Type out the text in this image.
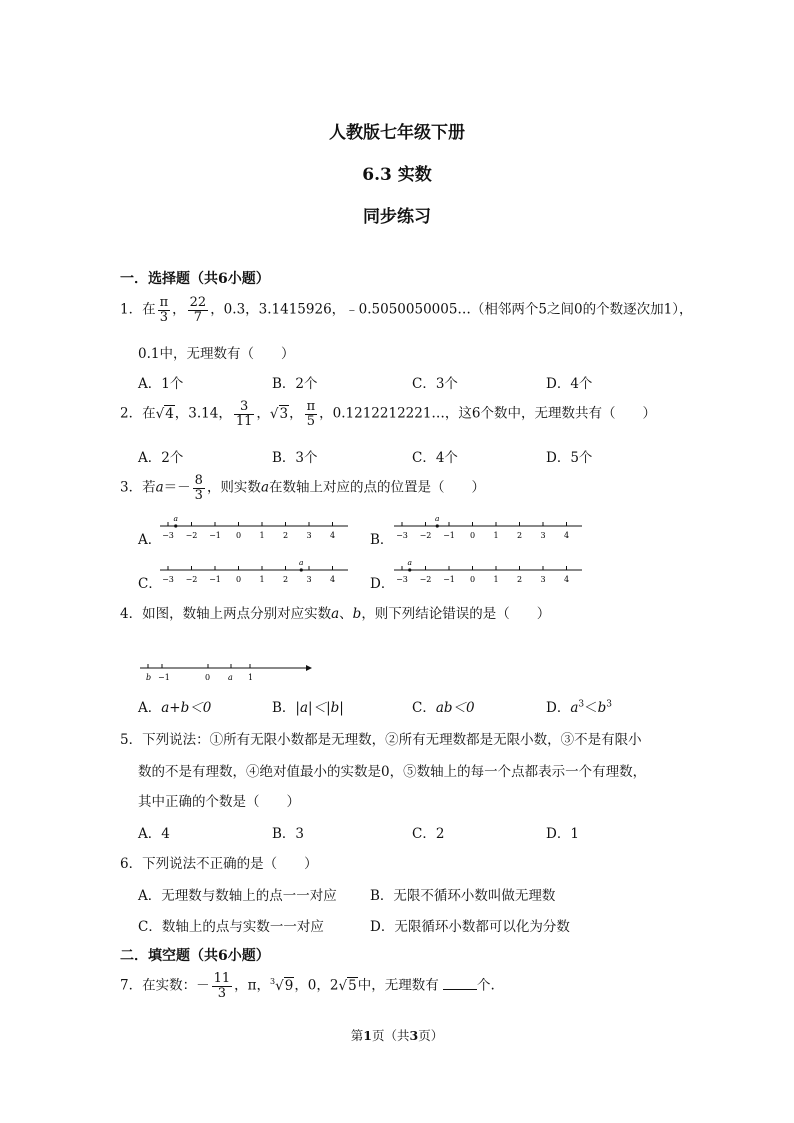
人教版七年级下册
6.3 实数
同步练习
一．选择题（共6小题）
1．在 $\frac{\pi}{3}$ ， $\frac{22}{7}$ ，0.3，3.1415926，﹣0.5050050005…（相邻两个5之间0的个数逐次加1），
0.1中，无理数有（　　）
A．1个	B．2个	C．3个	D．4个
2．在√4，3.14， $\frac{3}{11}$ ，√3， $\frac{\pi}{5}$ ，0.1212212221…，这6个数中，无理数共有（　　）
A．2个	B．3个	C．4个	D．5个
3．若$a=- \frac{8}{3}$ ，则实数a在数轴上对应的点的位置是（　　）
A． −3 −2 −1 0 1 2 3 4
a
B． −3 −2 −1 0 1 2 3 4
a
C． −3 −2 −1 0 1 2 3 4
a
D． −3 −2 −1 0 1 2 3 4
a
4．如图，数轴上两点分别对应实数a、b，则下列结论错误的是（　　）
b −1	0 a 1
A．a+b＜0	B．|a|＜|b|	C．ab＜0	D．$a^3<b^3$
5．下列说法：①所有无限小数都是无理数，②所有无理数都是无限小数，③不是有限小
数的不是有理数，④绝对值最小的实数是0，⑤数轴上的每一个点都表示一个有理数，
其中正确的个数是（　　）
A．4	B．3	C．2	D．1
6．下列说法不正确的是（　　）
A．无理数与数轴上的点一一对应 B．无限不循环小数叫做无理数
C．数轴上的点与实数一一对应	D．无限循环小数都可以化为分数
二．填空题（共6小题）
7．在实数：－ $\frac{11}{3}$ ，π，$^3$√9，0，2√5中，无理数有	个.
第1页（共3页）
